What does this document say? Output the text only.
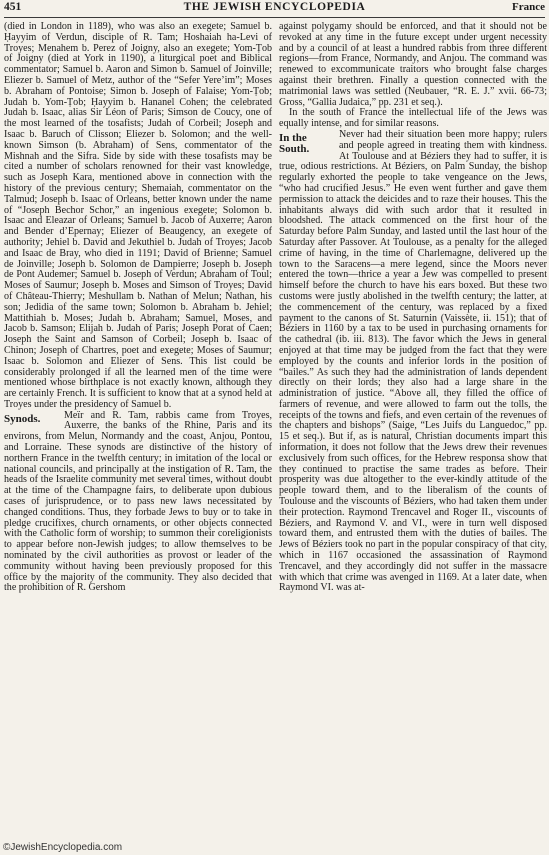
451	THE JEWISH ENCYCLOPEDIA	France

(died in London in 1189), who was also an exegete; Samuel b. Ḥayyim of Verdun, disciple of R. Tam; Hoshaiah ha-Levi of Troyes; Menahem b. Perez of Joigny, also an exegete; Yom-Ṭob of Joigny (died at York in 1190), a liturgical poet and Biblical commentator; Samuel b. Aaron and Simon b. Samuel of Joinville; Eliezer b. Samuel of Metz, author of the “Sefer Yere’im”; Moses b. Abraham of Pontoise; Simon b. Joseph of Falaise; Yom-Ṭob; Judah b. Yom-Ṭob; Ḥayyim b. Hananel Cohen; the celebrated Judah b. Isaac, alias Sir Léon of Paris; Simson de Coucy, one of the most learned of the tosafists; Judah of Corbeil; Joseph and Isaac b. Baruch of Clisson; Eliezer b. Solomon; and the well-known Simson (b. Abraham) of Sens, commentator of the Mishnah and the Sifra. Side by side with these tosafists may be cited a number of scholars renowned for their vast knowledge, such as Joseph Kara, mentioned above in connection with the history of the previous century; Shemaiah, commentator on the Talmud; Joseph b. Isaac of Orleans, better known under the name of “Joseph Bechor Schor,” an ingenious exegete; Solomon b. Isaac and Eleazar of Orleans; Samuel b. Jacob of Auxerre; Aaron and Bender d’Epernay; Eliezer of Beaugency, an exegete of authority; Jehiel b. David and Jekuthiel b. Judah of Troyes; Jacob and Isaac de Bray, who died in 1191; David of Brienne; Samuel de Joinville; Joseph b. Solomon de Dampierre; Joseph b. Joseph de Pont Audemer; Samuel b. Joseph of Verdun; Abraham of Toul; Moses of Saumur; Joseph b. Moses and Simson of Troyes; David of Château-Thierry; Meshullam b. Nathan of Melun; Nathan, his son; Jedidia of the same town; Solomon b. Abraham b. Jehiel; Mattithiah b. Moses; Judah b. Abraham; Samuel, Moses, and Jacob b. Samson; Elijah b. Judah of Paris; Joseph Porat of Caen; Joseph the Saint and Samson of Corbeil; Joseph b. Isaac of Chinon; Joseph of Chartres, poet and exegete; Moses of Saumur; Isaac b. Solomon and Eliezer of Sens. This list could be considerably prolonged if all the learned men of the time were mentioned whose birthplace is not exactly known, although they are certainly French. It is sufficient to know that at a synod held at Troyes under the presidency of Samuel b.

Synods.	Meïr and R. Tam, rabbis came from Troyes, Auxerre, the banks of the Rhine, Paris and its environs, from Melun, Normandy and the coast, Anjou, Pontou, and Lorraine. These synods are distinctive of the history of northern France in the twelfth century; in imitation of the local or national councils, and principally at the instigation of R. Tam, the heads of the Israelite community met several times, without doubt at the time of the Champagne fairs, to deliberate upon dubious cases of jurisprudence, or to pass new laws necessitated by changed conditions. Thus, they forbade Jews to buy or to take in pledge crucifixes, church ornaments, or other objects connected with the Catholic form of worship; to summon their coreligionists to appear before non-Jewish judges; to allow themselves to be nominated by the civil authorities as provost or leader of the community without having been previously proposed for this office by the majority of the community. They also decided that the prohibition of R. Gershom

against polygamy should be enforced, and that it should not be revoked at any time in the future except under urgent necessity and by a council of at least a hundred rabbis from three different regions—from France, Normandy, and Anjou. The command was renewed to excommunicate traitors who brought false charges against their brethren. Finally a question connected with the matrimonial laws was settled (Neubauer, “R. E. J.” xvii. 66-73; Gross, “Gallia Judaica,” pp. 231 et seq.).

In the south of France the intellectual life of the Jews was equally intense, and for similar reasons.

In the
South.

Never had their situation been more happy; rulers and people agreed in treating them with kindness. At Toulouse and at Béziers they had to suffer, it is true, odious restrictions. At Béziers, on Palm Sunday, the bishop regularly exhorted the people to take vengeance on the Jews, “who had crucified Jesus.” He even went further and gave them permission to attack the deicides and to raze their houses. This the inhabitants always did with such ardor that it resulted in bloodshed. The attack commenced on the first hour of the Saturday before Palm Sunday, and lasted until the last hour of the Saturday after Passover. At Toulouse, as a penalty for the alleged crime of having, in the time of Charlemagne, delivered up the town to the Saracens—a mere legend, since the Moors never entered the town—thrice a year a Jew was compelled to present himself before the church to have his ears boxed. But these two customs were justly abolished in the twelfth century; the latter, at the commencement of the century, was replaced by a fixed payment to the canons of St. Saturnin (Vaissète, ii. 151); that of Béziers in 1160 by a tax to be used in purchasing ornaments for the cathedral (ib. iii. 813). The favor which the Jews in general enjoyed at that time may be judged from the fact that they were employed by the counts and inferior lords in the position of “bailes.” As such they had the administration of lands dependent directly on their lords; they also had a large share in the administration of justice. “Above all, they filled the office of farmers of revenue, and were allowed to farm out the tolls, the receipts of the towns and fiefs, and even certain of the revenues of the chapters and bishops” (Saige, “Les Juifs du Languedoc,” pp. 15 et seq.). But if, as is natural, Christian documents impart this information, it does not follow that the Jews drew their revenues exclusively from such offices, for the Hebrew responsa show that they continued to practise the same trades as before. Their prosperity was due altogether to the ever-kindly attitude of the people toward them, and to the liberalism of the counts of Toulouse and the viscounts of Béziers, who had taken them under their protection. Raymond Trencavel and Roger II., viscounts of Béziers, and Raymond V. and VI., were in turn well disposed toward them, and entrusted them with the duties of bailes. The Jews of Béziers took no part in the popular conspiracy of that city, which in 1167 occasioned the assassination of Raymond Trencavel, and they accordingly did not suffer in the massacre with which that crime was avenged in 1169. At a later date, when Raymond VI. was at-

©JewishEncyclopedia.com
